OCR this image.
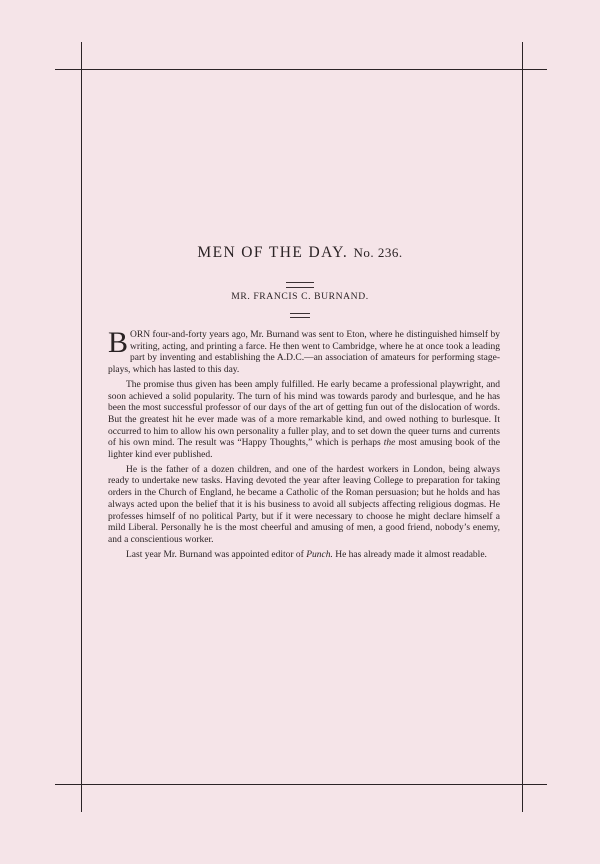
MEN OF THE DAY. No. 236.
MR. FRANCIS C. BURNAND.

BORN four-and-forty years ago, Mr. Burnand was sent to Eton, where he distinguished himself by writing, acting, and printing a farce. He then went to Cambridge, where he at once took a leading part by inventing and establishing the A.D.C.—an association of amateurs for performing stage-plays, which has lasted to this day.

The promise thus given has been amply fulfilled. He early became a professional playwright, and soon achieved a solid popularity. The turn of his mind was towards parody and burlesque, and he has been the most successful professor of our days of the art of getting fun out of the dislocation of words. But the greatest hit he ever made was of a more remarkable kind, and owed nothing to burlesque. It occurred to him to allow his own personality a fuller play, and to set down the queer turns and currents of his own mind. The result was “Happy Thoughts,” which is perhaps the most amusing book of the lighter kind ever published.

He is the father of a dozen children, and one of the hardest workers in London, being always ready to undertake new tasks. Having devoted the year after leaving College to preparation for taking orders in the Church of England, he became a Catholic of the Roman persuasion; but he holds and has always acted upon the belief that it is his business to avoid all subjects affecting religious dogmas. He professes himself of no political Party, but if it were necessary to choose he might declare himself a mild Liberal. Personally he is the most cheerful and amusing of men, a good friend, nobody’s enemy, and a conscientious worker.

Last year Mr. Burnand was appointed editor of Punch. He has already made it almost readable.
